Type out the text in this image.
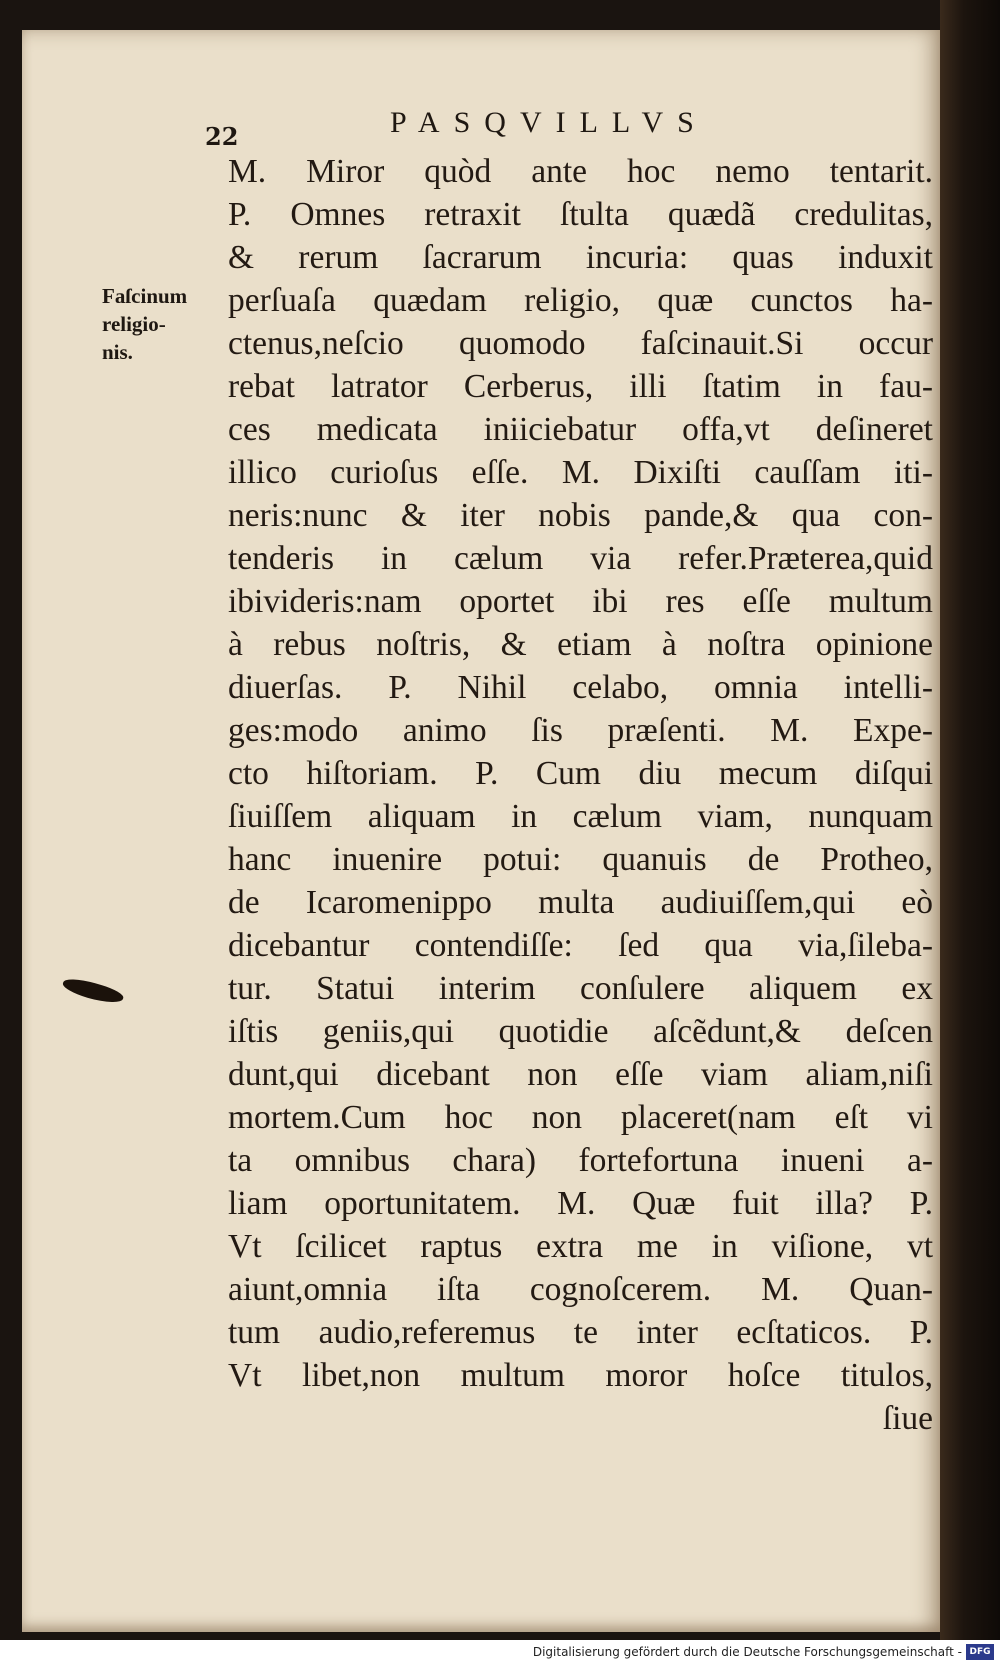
22	PASQVILLVS
Faſcinum
religio-
nis.
M. Miror quòd ante hoc nemo tentarit.
P. Omnes retraxit ſtulta quædã credulitas,
& rerum ſacrarum incuria: quas induxit
perſuaſa quædam religio, quæ cunctos ha-
ctenus,neſcio quomodo faſcinauit.Si occur
rebat latrator Cerberus, illi ſtatim in fau-
ces medicata iniiciebatur offa,vt deſineret
illico curioſus eſſe. M. Dixiſti cauſſam iti-
neris:nunc & iter nobis pande,& qua con-
tenderis in cælum via refer.Præterea,quid
ibivideris:nam oportet ibi res eſſe multum
à rebus noſtris, & etiam à noſtra opinione
diuerſas. P. Nihil celabo, omnia intelli-
ges:modo animo ſis præſenti. M. Expe-
cto hiſtoriam. P. Cum diu mecum diſqui
ſiuiſſem aliquam in cælum viam, nunquam
hanc inuenire potui: quanuis de Protheo,
de Icaromenippo multa audiuiſſem,qui eò
dicebantur contendiſſe: ſed qua via,ſileba-
tur. Statui interim conſulere aliquem ex
iſtis geniis,qui quotidie aſcẽdunt,& deſcen
dunt,qui dicebant non eſſe viam aliam,niſi
mortem.Cum hoc non placeret(nam eſt vi
ta omnibus chara) fortefortuna inueni a-
liam oportunitatem. M. Quæ fuit illa? P.
Vt ſcilicet raptus extra me in viſione, vt
aiunt,omnia iſta cognoſcerem. M. Quan-
tum audio,referemus te inter ecſtaticos. P.
Vt libet,non multum moror hoſce titulos,
ſiue
Digitalisierung gefördert durch die Deutsche Forschungsgemeinschaft - DFG
